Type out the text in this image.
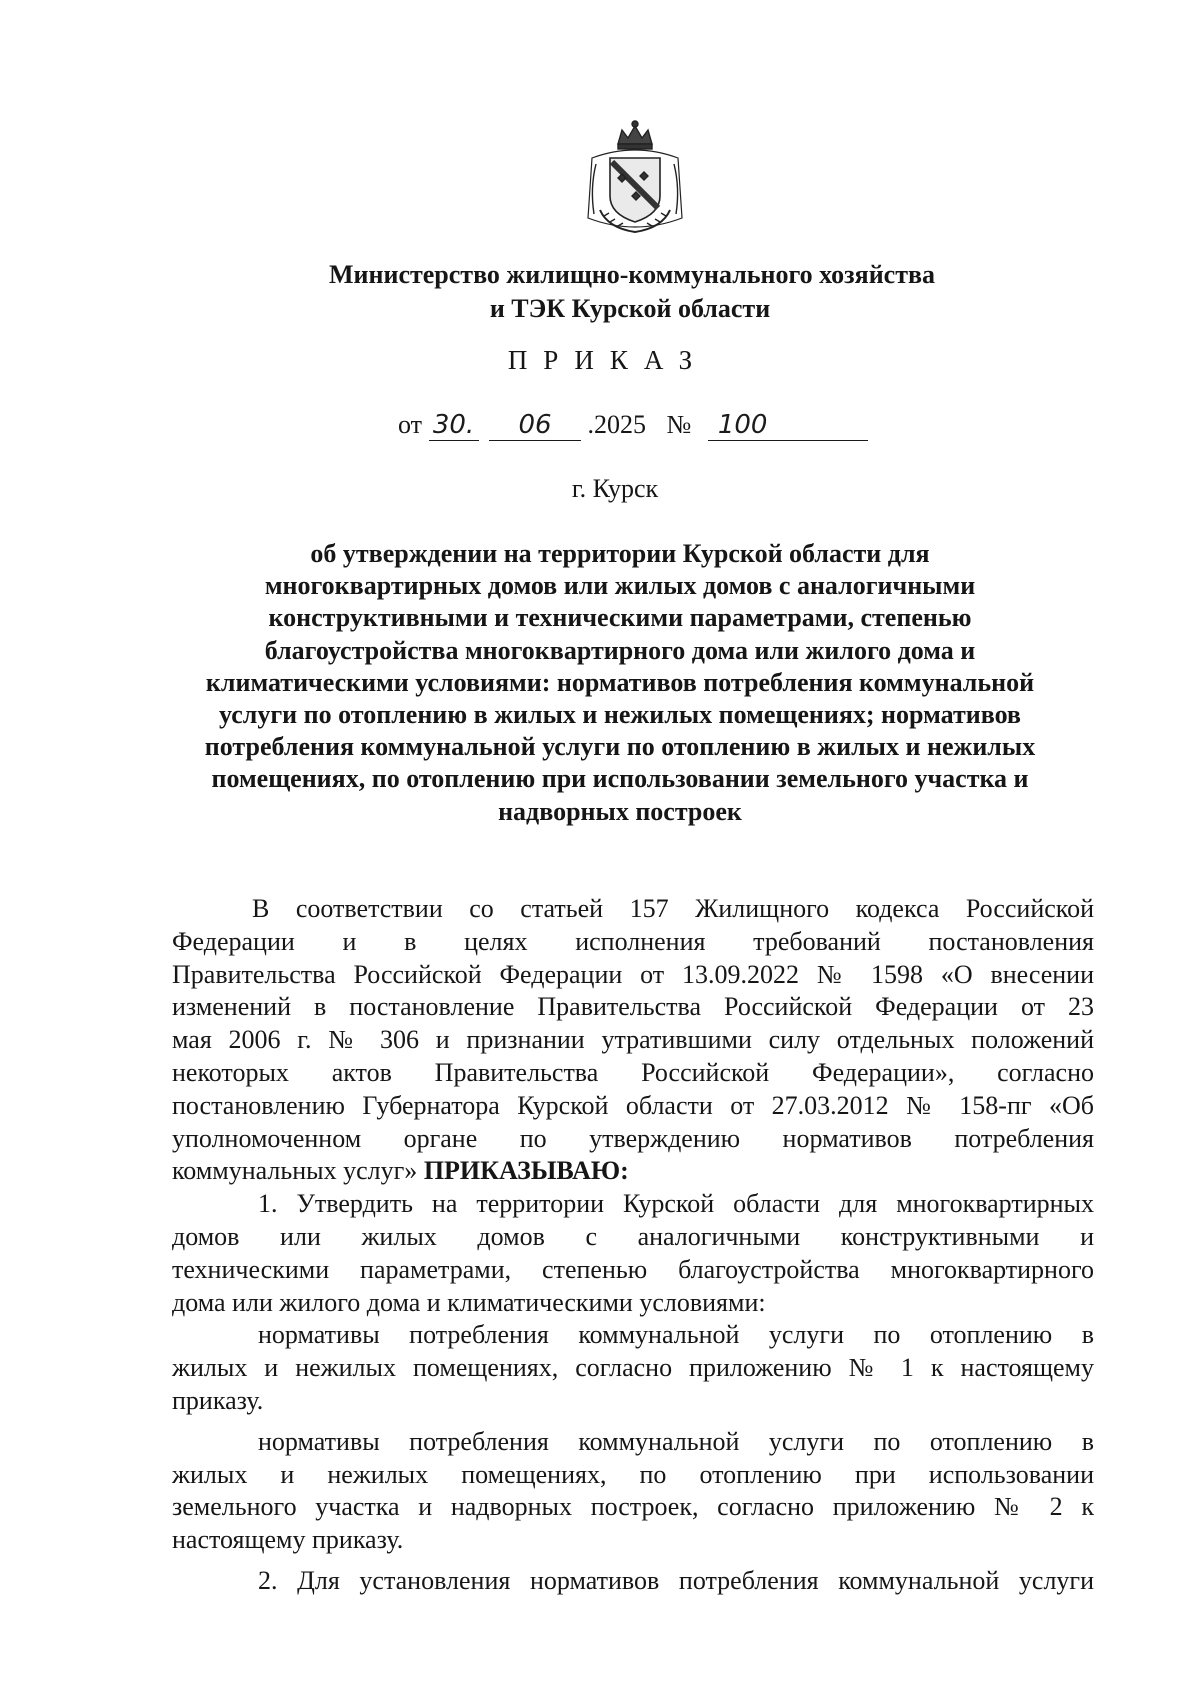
Министерство жилищно-коммунального хозяйства
и ТЭК Курской области
ПРИКАЗ
от 30. 06 .2025 № 100
г. Курск
об утверждении на территории Курской области для
многоквартирных домов или жилых домов с аналогичными
конструктивными и техническими параметрами, степенью
благоустройства многоквартирного дома или жилого дома и
климатическими условиями: нормативов потребления коммунальной
услуги по отоплению в жилых и нежилых помещениях; нормативов
потребления коммунальной услуги по отоплению в жилых и нежилых
помещениях, по отоплению при использовании земельного участка и
надворных построек
В соответствии со статьей 157 Жилищного кодекса Российской
Федерации и в целях исполнения требований постановления
Правительства Российской Федерации от 13.09.2022 № 1598 «О внесении
изменений в постановление Правительства Российской Федерации от 23
мая 2006 г. № 306 и признании утратившими силу отдельных положений
некоторых актов Правительства Российской Федерации», согласно
постановлению Губернатора Курской области от 27.03.2012 № 158-пг «Об
уполномоченном органе по утверждению нормативов потребления
коммунальных услуг» ПРИКАЗЫВАЮ:
1. Утвердить на территории Курской области для многоквартирных
домов или жилых домов с аналогичными конструктивными и
техническими параметрами, степенью благоустройства многоквартирного
дома или жилого дома и климатическими условиями:
нормативы потребления коммунальной услуги по отоплению в
жилых и нежилых помещениях, согласно приложению № 1 к настоящему
приказу.
нормативы потребления коммунальной услуги по отоплению в
жилых и нежилых помещениях, по отоплению при использовании
земельного участка и надворных построек, согласно приложению № 2 к
настоящему приказу.
2. Для установления нормативов потребления коммунальной услуги
